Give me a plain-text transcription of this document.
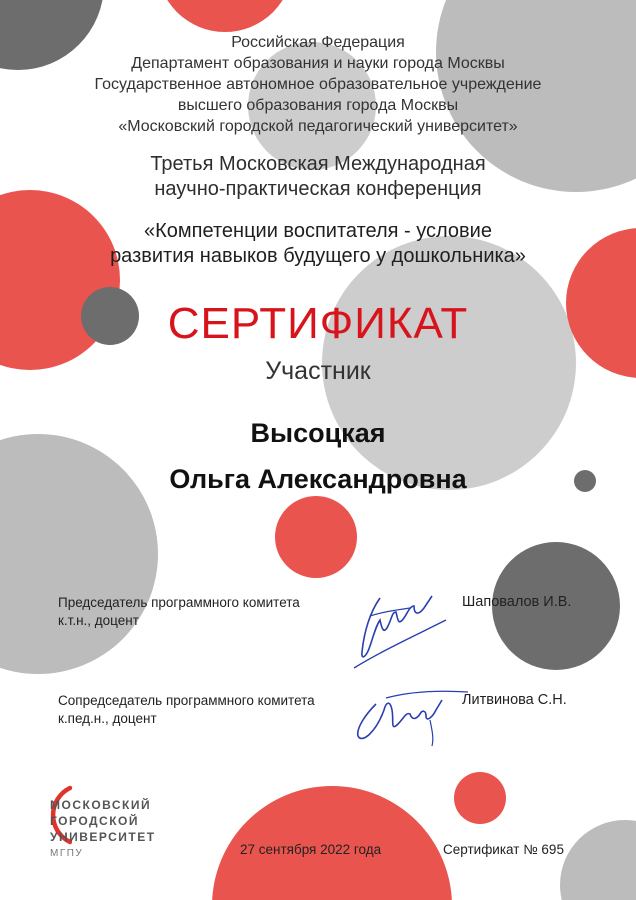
Российская Федерация
Департамент образования и науки города Москвы
Государственное автономное образовательное учреждение
высшего образования города Москвы
«Московский городской педагогический университет»
Третья Московская Международная
научно-практическая конференция
«Компетенции воспитателя - условие
развития навыков будущего у дошкольника»
СЕРТИФИКАТ
Участник
Высоцкая
Ольга Александровна
Председатель программного комитета
к.т.н., доцент
Шаповалов И.В.
Сопредседатель программного комитета
к.пед.н., доцент
Литвинова С.Н.
МОСКОВСКИЙ
ГОРОДСКОЙ
УНИВЕРСИТЕТ
МГПУ	27 сентября 2022 года	Сертификат № 695
